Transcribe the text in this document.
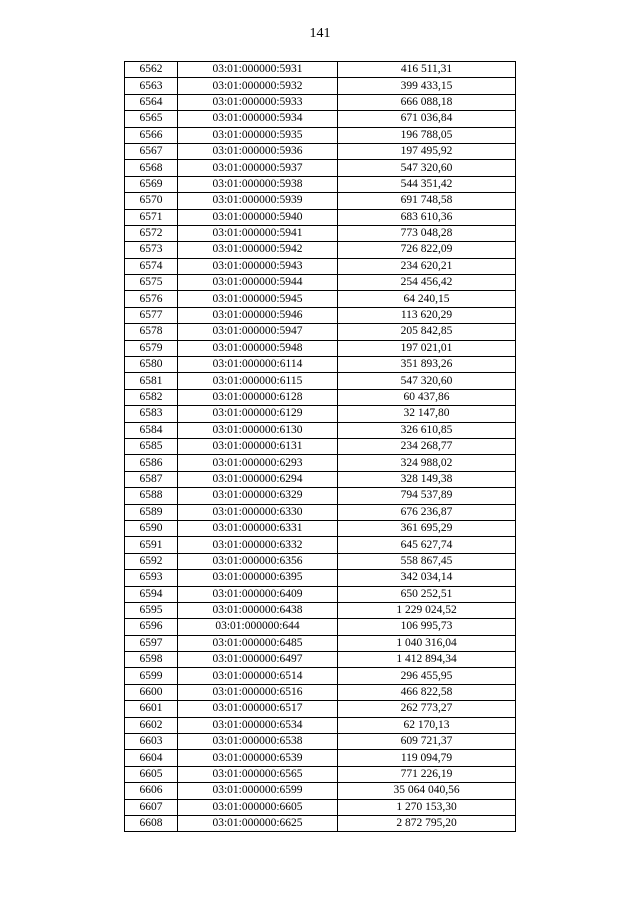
141
6562	03:01:000000:5931	416 511,31
6563	03:01:000000:5932	399 433,15
6564	03:01:000000:5933	666 088,18
6565	03:01:000000:5934	671 036,84
6566	03:01:000000:5935	196 788,05
6567	03:01:000000:5936	197 495,92
6568	03:01:000000:5937	547 320,60
6569	03:01:000000:5938	544 351,42
6570	03:01:000000:5939	691 748,58
6571	03:01:000000:5940	683 610,36
6572	03:01:000000:5941	773 048,28
6573	03:01:000000:5942	726 822,09
6574	03:01:000000:5943	234 620,21
6575	03:01:000000:5944	254 456,42
6576	03:01:000000:5945	64 240,15
6577	03:01:000000:5946	113 620,29
6578	03:01:000000:5947	205 842,85
6579	03:01:000000:5948	197 021,01
6580	03:01:000000:6114	351 893,26
6581	03:01:000000:6115	547 320,60
6582	03:01:000000:6128	60 437,86
6583	03:01:000000:6129	32 147,80
6584	03:01:000000:6130	326 610,85
6585	03:01:000000:6131	234 268,77
6586	03:01:000000:6293	324 988,02
6587	03:01:000000:6294	328 149,38
6588	03:01:000000:6329	794 537,89
6589	03:01:000000:6330	676 236,87
6590	03:01:000000:6331	361 695,29
6591	03:01:000000:6332	645 627,74
6592	03:01:000000:6356	558 867,45
6593	03:01:000000:6395	342 034,14
6594	03:01:000000:6409	650 252,51
6595	03:01:000000:6438	1 229 024,52
6596	03:01:000000:644	106 995,73
6597	03:01:000000:6485	1 040 316,04
6598	03:01:000000:6497	1 412 894,34
6599	03:01:000000:6514	296 455,95
6600	03:01:000000:6516	466 822,58
6601	03:01:000000:6517	262 773,27
6602	03:01:000000:6534	62 170,13
6603	03:01:000000:6538	609 721,37
6604	03:01:000000:6539	119 094,79
6605	03:01:000000:6565	771 226,19
6606	03:01:000000:6599	35 064 040,56
6607	03:01:000000:6605	1 270 153,30
6608	03:01:000000:6625	2 872 795,20
